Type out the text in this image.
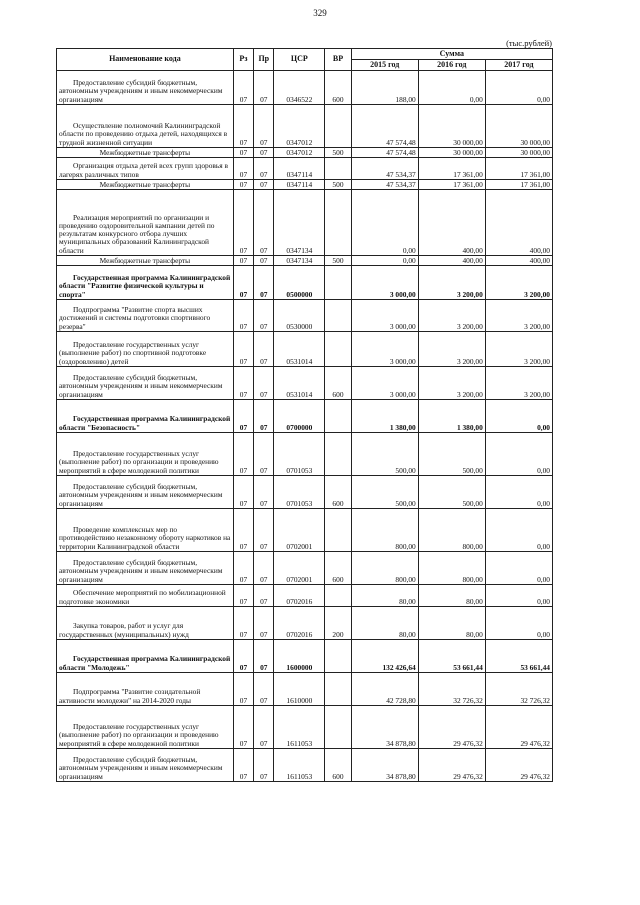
329
(тыс.рублей)
Наименование кода	Рз	Пр	ЦСР	ВР	Сумма		
					2015 год	2016 год	2017 год
Предоставление субсидий бюджетным, автономным учреждениям и иным некоммерческим организациям	07	07	0346522	600	188,00	0,00	0,00
Осуществление полномочий Калининградской области по проведению отдыха детей, находящихся в трудной жизненной ситуации	07	07	0347012		47 574,48	30 000,00	30 000,00
Межбюджетные трансферты	07	07	0347012	500	47 574,48	30 000,00	30 000,00
Организация отдыха детей всех групп здоровья в лагерях различных типов	07	07	0347114		47 534,37	17 361,00	17 361,00
Межбюджетные трансферты	07	07	0347114	500	47 534,37	17 361,00	17 361,00
Реализация мероприятий по организации и проведению оздоровительной кампании детей по результатам конкурсного отбора лучших муниципальных образований Калининградской области	07	07	0347134		0,00	400,00	400,00
Межбюджетные трансферты	07	07	0347134	500	0,00	400,00	400,00
Государственная программа Калининградской области "Развитие физической культуры и спорта"	07	07	0500000		3 000,00	3 200,00	3 200,00
Подпрограмма "Развитие спорта высших достижений и системы подготовки спортивного резерва"	07	07	0530000		3 000,00	3 200,00	3 200,00
Предоставление государственных услуг (выполнение работ) по спортивной подготовке (оздоровлению) детей	07	07	0531014		3 000,00	3 200,00	3 200,00
Предоставление субсидий бюджетным, автономным учреждениям и иным некоммерческим организациям	07	07	0531014	600	3 000,00	3 200,00	3 200,00
Государственная программа Калининградской области "Безопасность"	07	07	0700000		1 380,00	1 380,00	0,00
Предоставление государственных услуг (выполнение работ) по организации и проведению мероприятий в сфере молодежной политики	07	07	0701053		500,00	500,00	0,00
Предоставление субсидий бюджетным, автономным учреждениям и иным некоммерческим организациям	07	07	0701053	600	500,00	500,00	0,00
Проведение комплексных мер по противодействию незаконному обороту наркотиков на территории Калининградской области	07	07	0702001		800,00	800,00	0,00
Предоставление субсидий бюджетным, автономным учреждениям и иным некоммерческим организациям	07	07	0702001	600	800,00	800,00	0,00
Обеспечение мероприятий по мобилизационной подготовке экономики	07	07	0702016		80,00	80,00	0,00
Закупка товаров, работ и услуг для государственных (муниципальных) нужд	07	07	0702016	200	80,00	80,00	0,00
Государственная программа Калининградской области "Молодежь"	07	07	1600000		132 426,64	53 661,44	53 661,44
Подпрограмма "Развитие созидательной активности молодежи" на 2014-2020 годы	07	07	1610000		42 728,80	32 726,32	32 726,32
Предоставление государственных услуг (выполнение работ) по организации и проведению мероприятий в сфере молодежной политики	07	07	1611053		34 878,80	29 476,32	29 476,32
Предоставление субсидий бюджетным, автономным учреждениям и иным некоммерческим организациям	07	07	1611053	600	34 878,80	29 476,32	29 476,32
